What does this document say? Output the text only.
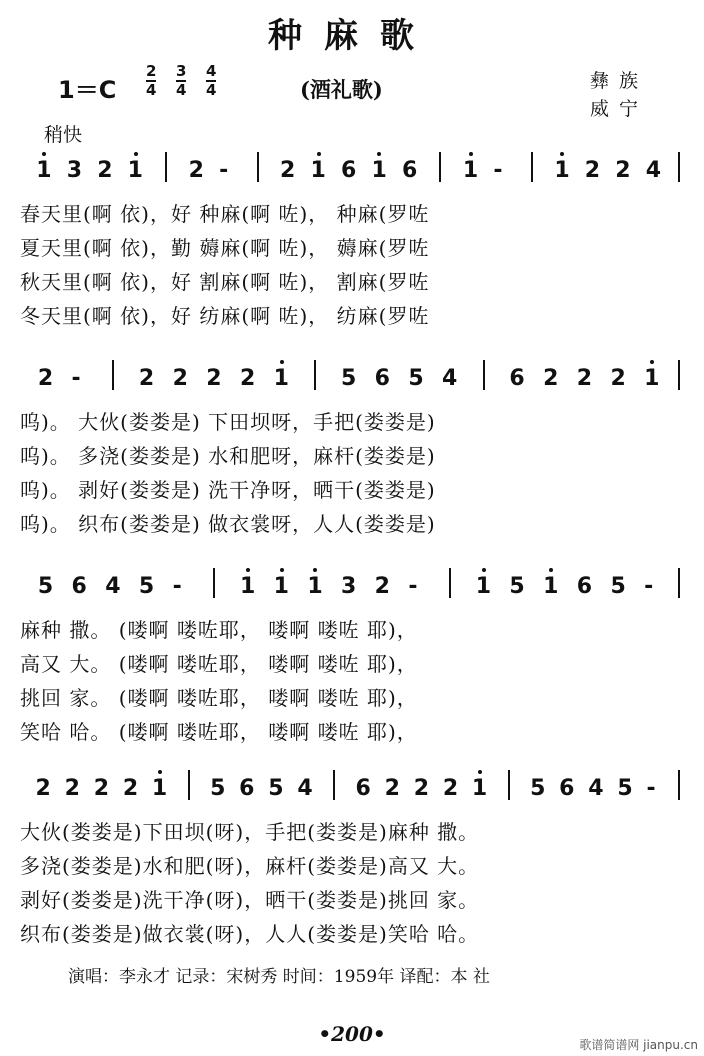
种麻歌
1＝C
2
4
3
4
4
4	(酒礼歌)	彝族
威宁
稍快
1 3 2 1 2 - 2 1 6 1 6 1 - 1 2 2 4
春天里(啊 依)，好 种麻(啊 咗)， 种麻(罗咗
夏天里(啊 依)，勤 薅麻(啊 咗)， 薅麻(罗咗
秋天里(啊 依)，好 割麻(啊 咗)， 割麻(罗咗
冬天里(啊 依)，好 纺麻(啊 咗)， 纺麻(罗咗
2 -	2 2 2 2 1 5 6 5 4 6 2 2 2 1
呜)。 大伙(娄娄是) 下田坝呀，手把(娄娄是)
呜)。 多浇(娄娄是) 水和肥呀，麻杆(娄娄是)
呜)。 剥好(娄娄是) 洗干净呀，晒干(娄娄是)
呜)。 织布(娄娄是) 做衣裳呀，人人(娄娄是)
5 6 4 5 -	1 1 1 3 2 -	1 5 1 6 5 -
麻种 撒。 (喽啊 喽咗耶， 喽啊 喽咗 耶)，
高又 大。 (喽啊 喽咗耶， 喽啊 喽咗 耶)，
挑回 家。 (喽啊 喽咗耶， 喽啊 喽咗 耶)，
笑哈 哈。 (喽啊 喽咗耶， 喽啊 喽咗 耶)，
2 2 2 2 1 5 6 5 4 6 2 2 2 1 5 6 4 5 -
大伙(娄娄是)下田坝(呀)，手把(娄娄是)麻种 撒。
多浇(娄娄是)水和肥(呀)，麻杆(娄娄是)高又 大。
剥好(娄娄是)洗干净(呀)，晒干(娄娄是)挑回 家。
织布(娄娄是)做衣裳(呀)，人人(娄娄是)笑哈 哈。
演唱：李永才 记录：宋树秀 时间：1959年 译配：本 社
•200•	歌谱简谱网 jianpu.cn
